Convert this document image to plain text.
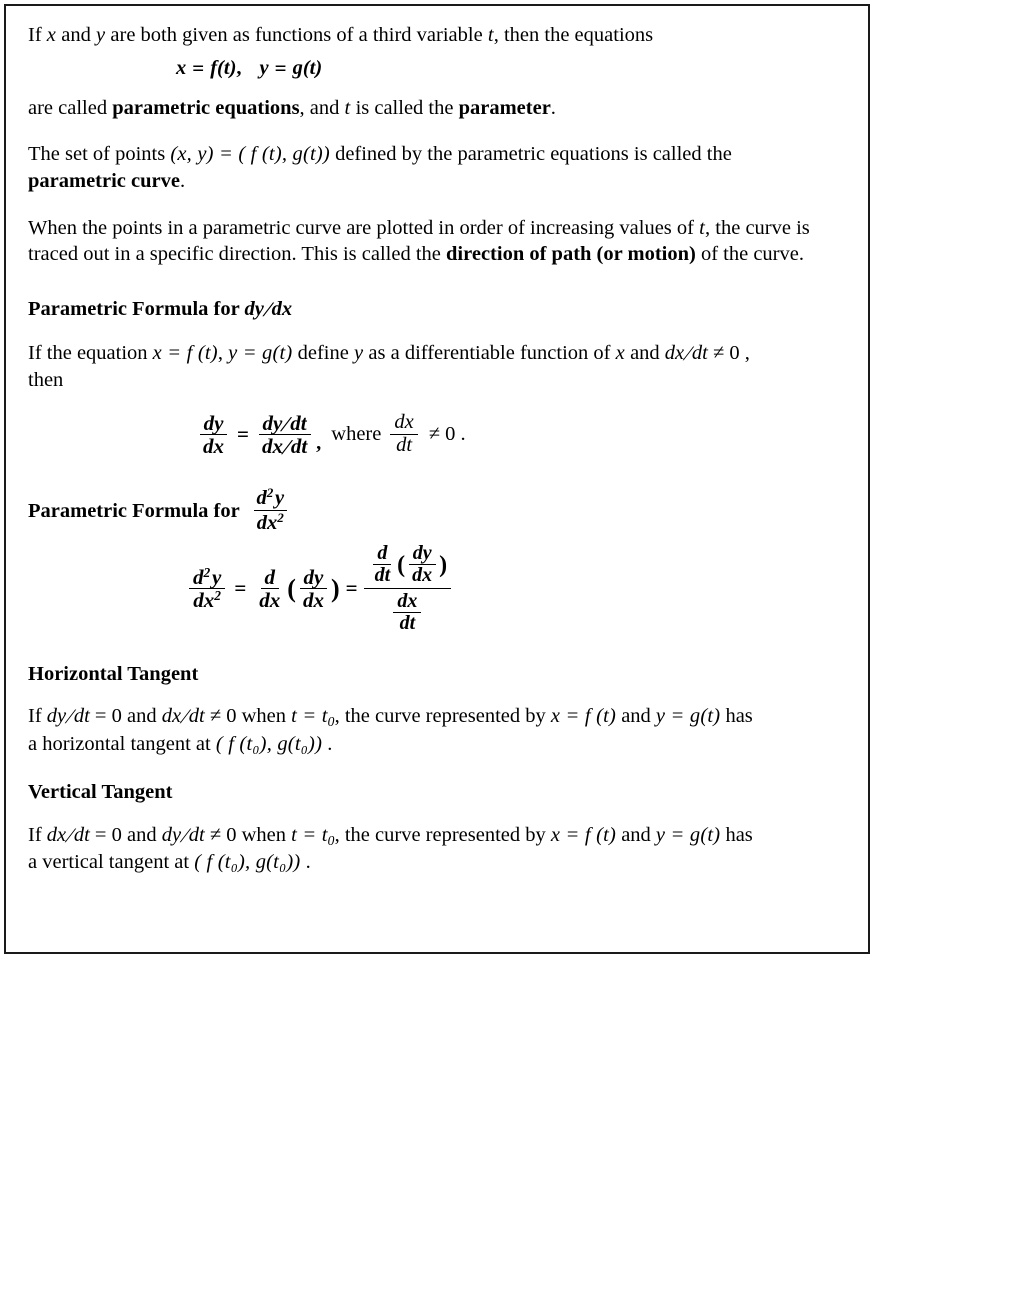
If x and y are both given as functions of a third variable t, then the equations

x = f (t) , y = g (t)

are called parametric equations, and t is called the parameter.

The set of points (x, y) = ( f (t), g(t)) defined by the parametric equations is called the
parametric curve.

When the points in a parametric curve are plotted in order of increasing values of t, the curve is traced out in a specific direction. This is called the direction of path (or motion) of the curve.

Parametric Formula for dy/dx

If the equation x = f (t), y = g(t) define y as a differentiable function of x and dx/dt ≠ 0 ,
then

$\frac{dy}{dx} = \frac{dy/dt}{dx/dt}$ , where $\frac{dx}{dt} \ne 0$ .
Parametric Formula for $\frac{d^2 y}{dx^2}$
$\frac{d^2 y}{dx^2} = \frac{d}{dx}$ ( $\frac{dy}{dx}$ ) =
$\frac{d}{dt}$ ( $\frac{dy}{dx}$ )
$\frac{dx}{dt}$
Horizontal Tangent

If dy/dt = 0 and dx/dt ≠ 0 when $t = t_0$, the curve represented by x = f (t) and y = g(t) has
a horizontal tangent at ( f (t₀), g(t₀)) .

Vertical Tangent

If dx/dt = 0 and dy/dt ≠ 0 when $t = t_0$, the curve represented by x = f (t) and y = g(t) has
a vertical tangent at ( f (t₀), g(t₀)) .
